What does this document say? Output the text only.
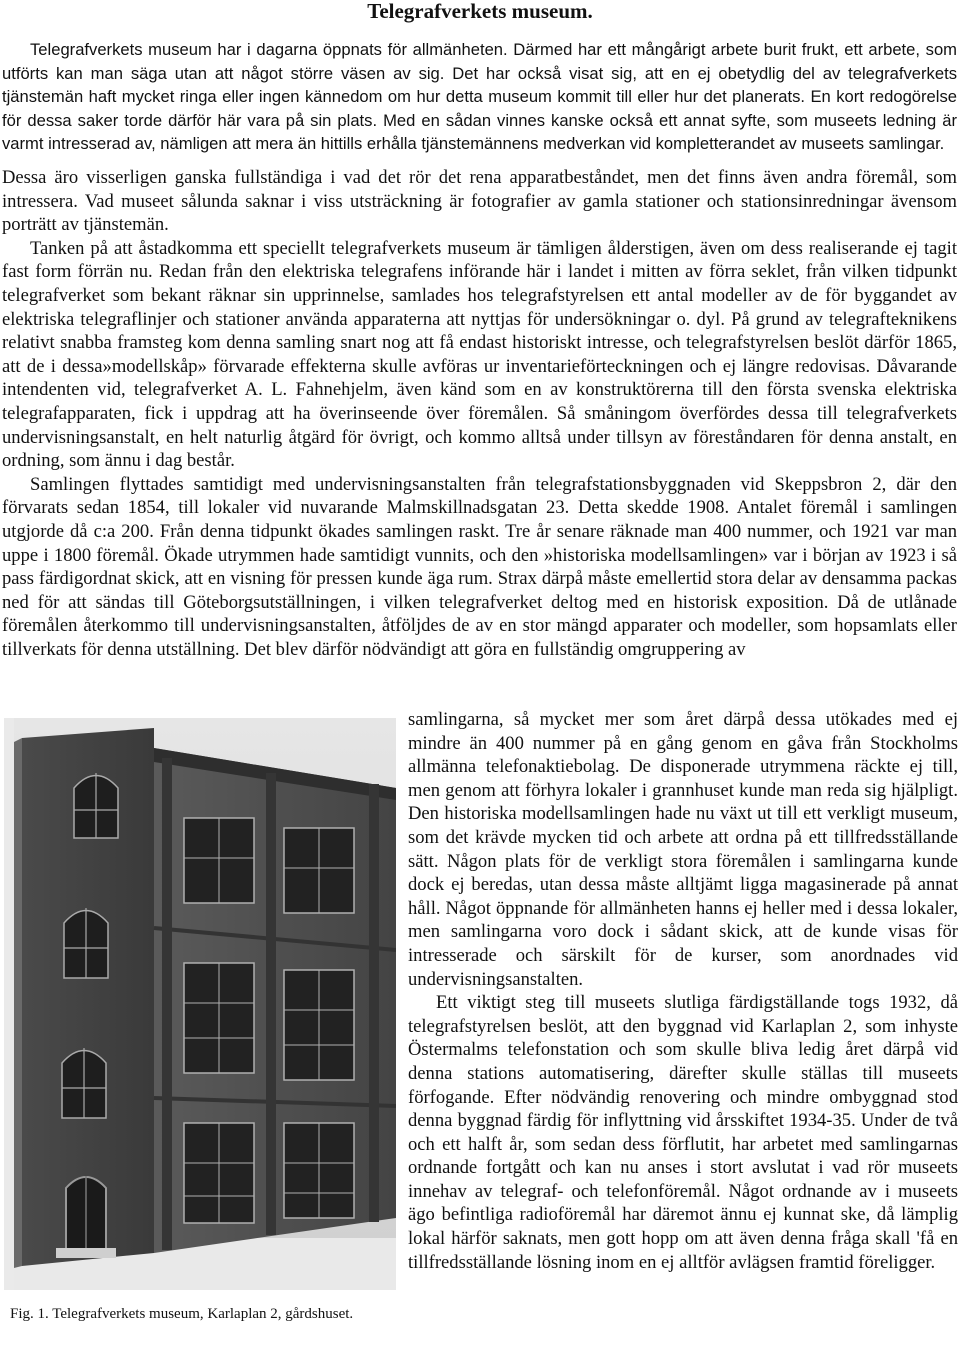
Telegrafverkets museum.

Telegrafverkets museum har i dagarna öppnats för allmänheten. Därmed har ett mångårigt arbete burit frukt, ett arbete, som utförts kan man säga utan att något större väsen av sig. Det har också visat sig, att en ej obetydlig del av telegrafverkets tjänstemän haft mycket ringa eller ingen kännedom om hur detta museum kommit till eller hur det planerats. En kort redogörelse för dessa saker torde därför här vara på sin plats. Med en sådan vinnes kanske också ett annat syfte, som museets ledning är varmt intresserad av, nämligen att mera än hittills erhålla tjänstemännens medverkan vid kompletterandet av museets samlingar.

Dessa äro visserligen ganska fullständiga i vad det rör det rena apparatbeståndet, men det finns även andra föremål, som intressera. Vad museet sålunda saknar i viss utsträckning är fotografier av gamla stationer och stationsinredningar ävensom porträtt av tjänstemän.

Tanken på att åstadkomma ett speciellt telegrafverkets museum är tämligen ålderstigen, även om dess realiserande ej tagit fast form förrän nu. Redan från den elektriska telegrafens införande här i landet i mitten av förra seklet, från vilken tidpunkt telegrafverket som bekant räknar sin upprinnelse, samlades hos telegrafstyrelsen ett antal modeller av de för byggandet av elektriska telegraflinjer och stationer använda apparaterna att nyttjas för undersökningar o. dyl. På grund av telegrafteknikens relativt snabba framsteg kom denna samling snart nog att få endast historiskt intresse, och telegrafstyrelsen beslöt därför 1865, att de i dessa»modellskåp» förvarade effekterna skulle avföras ur inventarieförteckningen och ej längre redovisas. Dåvarande intendenten vid, telegrafverket A. L. Fahnehjelm, även känd som en av konstruktörerna till den första svenska elektriska telegrafapparaten, fick i uppdrag att ha överinseende över föremålen. Så småningom överfördes dessa till telegrafverkets undervisningsanstalt, en helt naturlig åtgärd för övrigt, och kommo alltså under tillsyn av föreståndaren för denna anstalt, en ordning, som ännu i dag består.

Samlingen flyttades samtidigt med undervisningsanstalten från telegrafstationsbyggnaden vid Skeppsbron 2, där den förvarats sedan 1854, till lokaler vid nuvarande Malmskillnadsgatan 23. Detta skedde 1908. Antalet föremål i samlingen utgjorde då c:a 200. Från denna tidpunkt ökades samlingen raskt. Tre år senare räknade man 400 nummer, och 1921 var man uppe i 1800 föremål. Ökade utrymmen hade samtidigt vunnits, och den »historiska modellsamlingen» var i början av 1923 i så pass färdigordnat skick, att en visning för pressen kunde äga rum. Strax därpå måste emellertid stora delar av densamma packas ned för att sändas till Göteborgsutställningen, i vilken telegrafverket deltog med en historisk exposition. Då de utlånade föremålen återkommo till undervisningsanstalten, åtföljdes de av en stor mängd apparater och modeller, som hopsamlats eller tillverkats för denna utställning. Det blev därför nödvändigt att göra en fullständig omgruppering av

samlingarna, så mycket mer som året därpå dessa utökades med ej mindre än 400 nummer på en gång genom en gåva från Stockholms allmänna telefonaktiebolag. De disponerade utrymmena räckte ej till, men genom att förhyra lokaler i grannhuset kunde man reda sig hjälpligt. Den historiska modellsamlingen hade nu växt ut till ett verkligt museum, som det krävde mycken tid och arbete att ordna på ett tillfredsställande sätt. Någon plats för de verkligt stora föremålen i samlingarna kunde dock ej beredas, utan dessa måste alltjämt ligga magasinerade på annat håll. Något öppnande för allmänheten hanns ej heller med i dessa lokaler, men samlingarna voro dock i sådant skick, att de kunde visas för intresserade och särskilt för de kurser, som anordnades vid undervisningsanstalten.

Ett viktigt steg till museets slutliga färdigställande togs 1932, då telegrafstyrelsen beslöt, att den byggnad vid Karlaplan 2, som inhyste Östermalms telefonstation och som skulle bliva ledig året därpå vid denna stations automatisering, därefter skulle ställas till museets förfogande. Efter nödvändig renovering och mindre ombyggnad stod denna byggnad färdig för inflyttning vid årsskiftet 1934-35. Under de två och ett halft år, som sedan dess förflutit, har arbetet med samlingarnas ordnande fortgått och kan nu anses i stort avslutat i vad rör museets innehav av telegraf- och telefonföremål. Något ordnande av i museets ägo befintliga radioföremål har däremot ännu ej kunnat ske, då lämplig lokal härför saknats, men gott hopp om att även denna fråga skall 'få en tillfredsställande lösning inom en ej alltför avlägsen framtid föreligger.

Fig. 1. Telegrafverkets museum, Karlaplan 2, gårdshuset.
